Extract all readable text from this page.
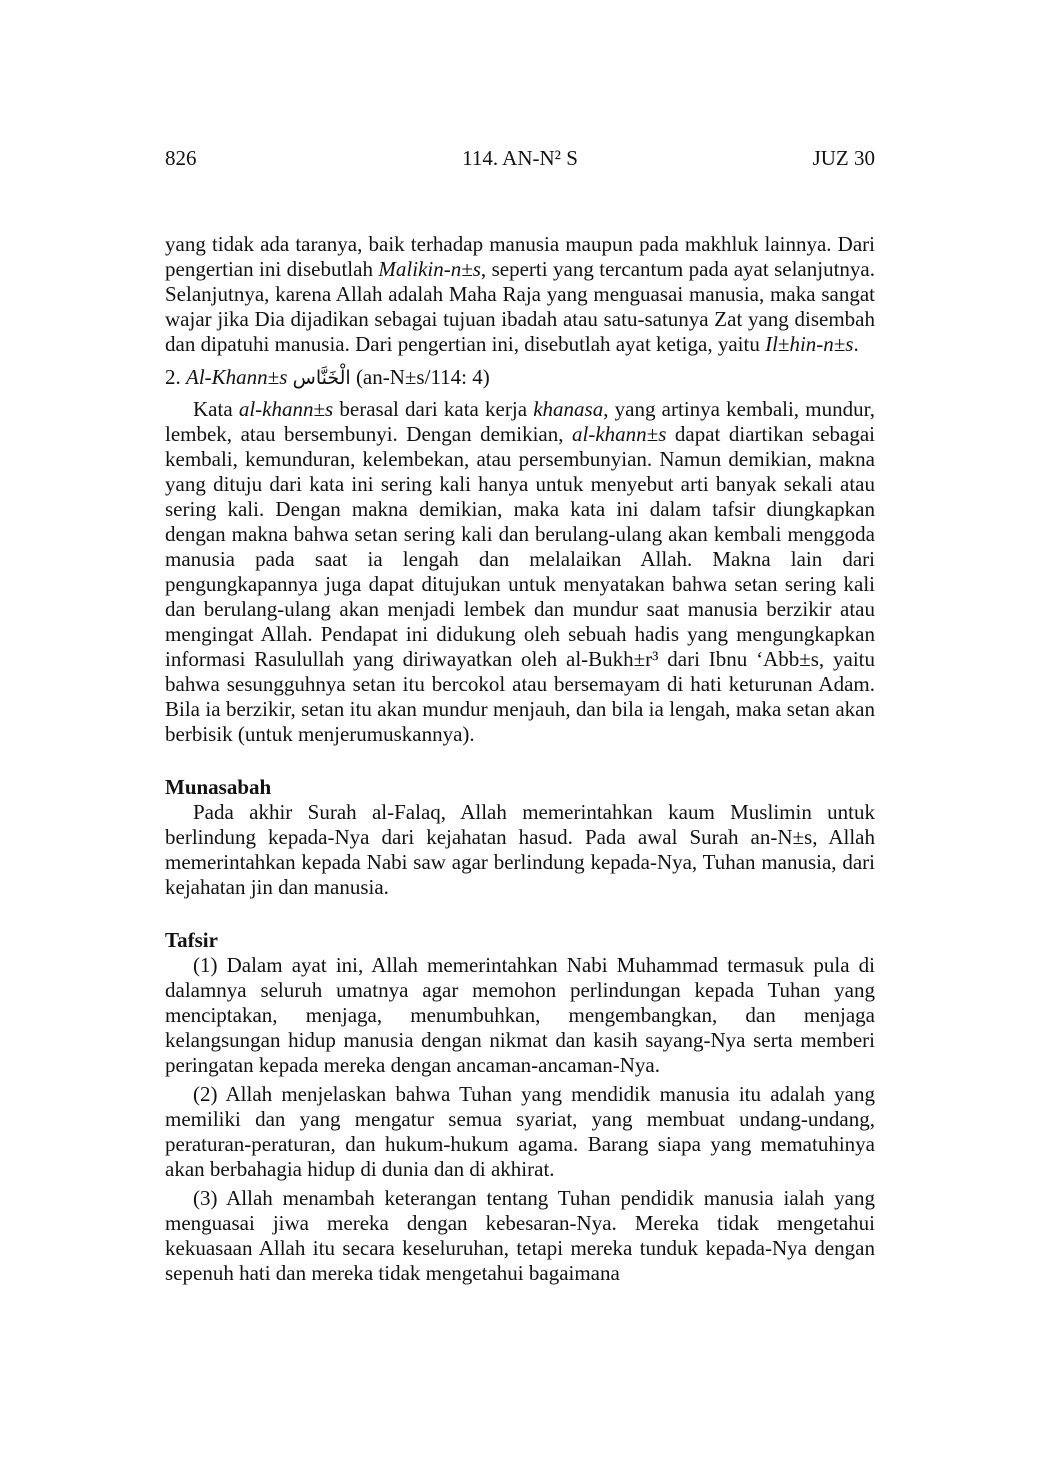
826	114. AN-N² S	JUZ 30

yang tidak ada taranya, baik terhadap manusia maupun pada makhluk lainnya. Dari pengertian ini disebutlah Malikin-n±s, seperti yang tercantum pada ayat selanjutnya. Selanjutnya, karena Allah adalah Maha Raja yang menguasai manusia, maka sangat wajar jika Dia dijadikan sebagai tujuan ibadah atau satu-satunya Zat yang disembah dan dipatuhi manusia. Dari pengertian ini, disebutlah ayat ketiga, yaitu Il±hin-n±s.

2. Al-Khann±s الْخَنَّاس (an-N±s/114: 4)

Kata al-khann±s berasal dari kata kerja khanasa, yang artinya kembali, mundur, lembek, atau bersembunyi. Dengan demikian, al-khann±s dapat diartikan sebagai kembali, kemunduran, kelembekan, atau persembunyian. Namun demikian, makna yang dituju dari kata ini sering kali hanya untuk menyebut arti banyak sekali atau sering kali. Dengan makna demikian, maka kata ini dalam tafsir diungkapkan dengan makna bahwa setan sering kali dan berulang-ulang akan kembali menggoda manusia pada saat ia lengah dan melalaikan Allah. Makna lain dari pengungkapannya juga dapat ditujukan untuk menyatakan bahwa setan sering kali dan berulang-ulang akan menjadi lembek dan mundur saat manusia berzikir atau mengingat Allah. Pendapat ini didukung oleh sebuah hadis yang mengungkapkan informasi Rasulullah yang diriwayatkan oleh al-Bukh±r³ dari Ibnu ‘Abb±s, yaitu bahwa sesungguhnya setan itu bercokol atau bersemayam di hati keturunan Adam. Bila ia berzikir, setan itu akan mundur menjauh, dan bila ia lengah, maka setan akan berbisik (untuk menjerumuskannya).

Munasabah

Pada akhir Surah al-Falaq, Allah memerintahkan kaum Muslimin untuk berlindung kepada-Nya dari kejahatan hasud. Pada awal Surah an-N±s, Allah memerintahkan kepada Nabi saw agar berlindung kepada-Nya, Tuhan manusia, dari kejahatan jin dan manusia.

Tafsir

(1) Dalam ayat ini, Allah memerintahkan Nabi Muhammad termasuk pula di dalamnya seluruh umatnya agar memohon perlindungan kepada Tuhan yang menciptakan, menjaga, menumbuhkan, mengembangkan, dan menjaga kelangsungan hidup manusia dengan nikmat dan kasih sayang-Nya serta memberi peringatan kepada mereka dengan ancaman-ancaman-Nya.

(2) Allah menjelaskan bahwa Tuhan yang mendidik manusia itu adalah yang memiliki dan yang mengatur semua syariat, yang membuat undang-undang, peraturan-peraturan, dan hukum-hukum agama. Barang siapa yang mematuhinya akan berbahagia hidup di dunia dan di akhirat.

(3) Allah menambah keterangan tentang Tuhan pendidik manusia ialah yang menguasai jiwa mereka dengan kebesaran-Nya. Mereka tidak mengetahui kekuasaan Allah itu secara keseluruhan, tetapi mereka tunduk kepada-Nya dengan sepenuh hati dan mereka tidak mengetahui bagaimana
